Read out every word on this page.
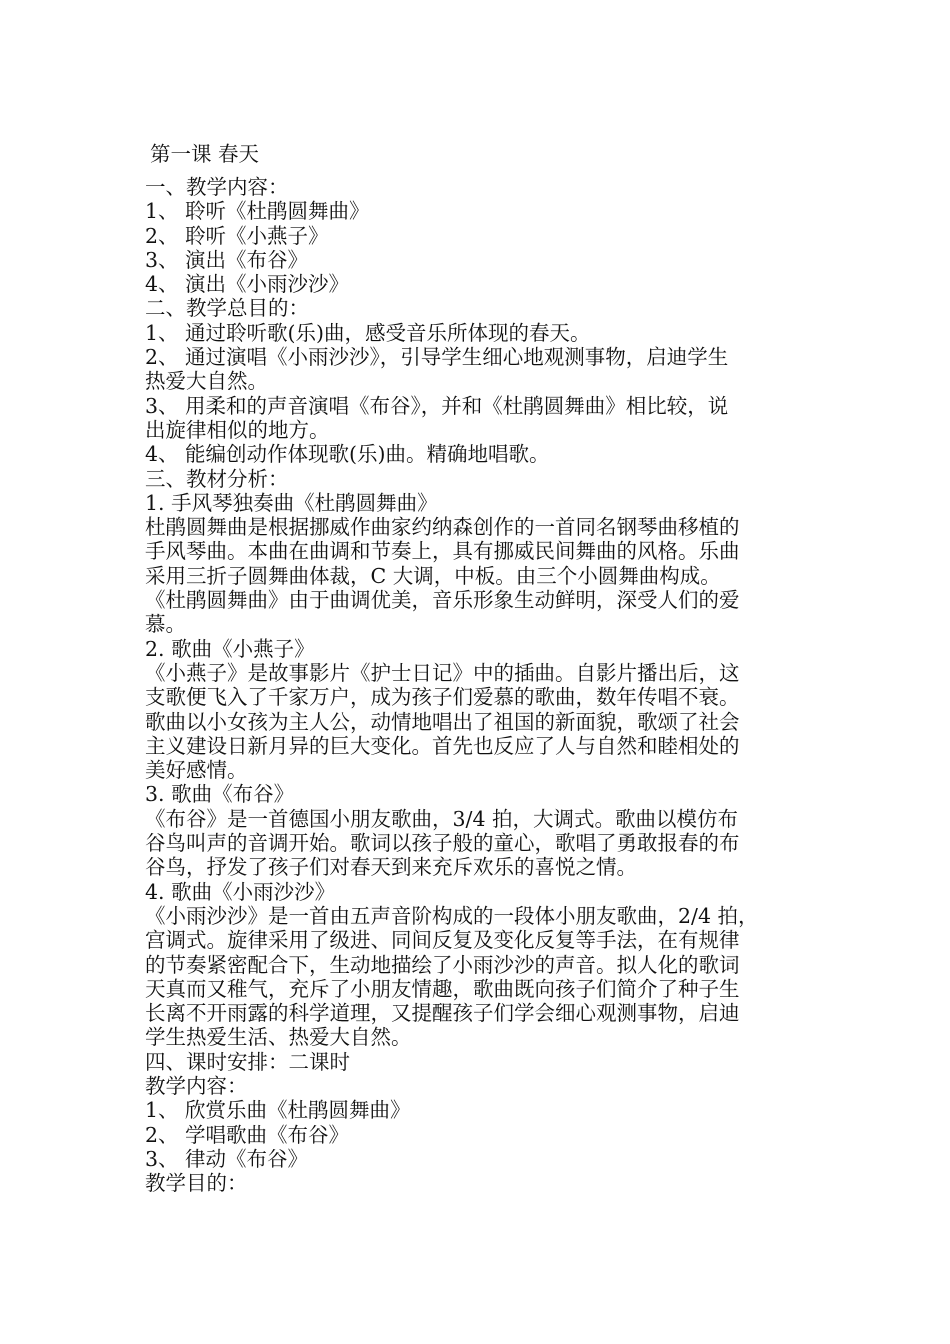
第一课 春天
一、教学内容：
1、 聆听《杜鹃圆舞曲》
2、 聆听《小燕子》
3、 演出《布谷》
4、 演出《小雨沙沙》
二、教学总目的：
1、 通过聆听歌(乐)曲，感受音乐所体现的春天。
2、 通过演唱《小雨沙沙》，引导学生细心地观测事物，启迪学生
热爱大自然。
3、 用柔和的声音演唱《布谷》，并和《杜鹃圆舞曲》相比较，说
出旋律相似的地方。
4、 能编创动作体现歌(乐)曲。精确地唱歌。
三、教材分析：
1. 手风琴独奏曲《杜鹃圆舞曲》
杜鹃圆舞曲是根据挪威作曲家约纳森创作的一首同名钢琴曲移植的
手风琴曲。本曲在曲调和节奏上，具有挪威民间舞曲的风格。乐曲
采用三折子圆舞曲体裁，C 大调，中板。由三个小圆舞曲构成。
《杜鹃圆舞曲》由于曲调优美，音乐形象生动鲜明，深受人们的爱
慕。
2. 歌曲《小燕子》
《小燕子》是故事影片《护士日记》中的插曲。自影片播出后，这
支歌便飞入了千家万户，成为孩子们爱慕的歌曲，数年传唱不衰。
歌曲以小女孩为主人公，动情地唱出了祖国的新面貌，歌颂了社会
主义建设日新月异的巨大变化。首先也反应了人与自然和睦相处的
美好感情。
3. 歌曲《布谷》
《布谷》是一首德国小朋友歌曲，3/4 拍，大调式。歌曲以模仿布
谷鸟叫声的音调开始。歌词以孩子般的童心，歌唱了勇敢报春的布
谷鸟，抒发了孩子们对春天到来充斥欢乐的喜悦之情。
4. 歌曲《小雨沙沙》
《小雨沙沙》是一首由五声音阶构成的一段体小朋友歌曲，2/4 拍，
宫调式。旋律采用了级进、同间反复及变化反复等手法，在有规律
的节奏紧密配合下，生动地描绘了小雨沙沙的声音。拟人化的歌词
天真而又稚气，充斥了小朋友情趣，歌曲既向孩子们简介了种子生
长离不开雨露的科学道理，又提醒孩子们学会细心观测事物，启迪
学生热爱生活、热爱大自然。
四、课时安排：二课时
教学内容：
1、 欣赏乐曲《杜鹃圆舞曲》
2、 学唱歌曲《布谷》
3、 律动《布谷》
教学目的：
